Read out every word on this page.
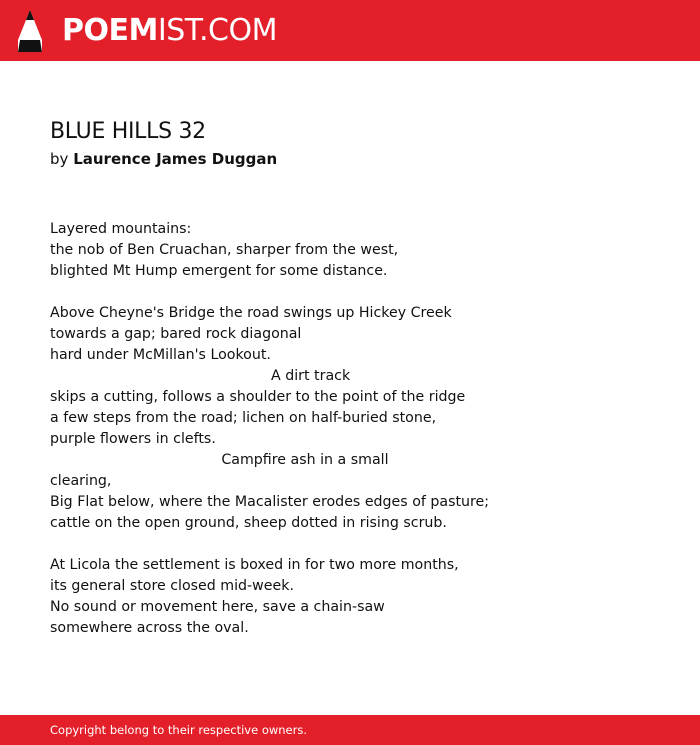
POEMIST.COM
BLUE HILLS 32
by Laurence James Duggan
Layered mountains:
the nob of Ben Cruachan, sharper from the west,
blighted Mt Hump emergent for some distance.
Above Cheyne's Bridge the road swings up Hickey Creek
towards a gap; bared rock diagonal
hard under McMillan's Lookout.
A dirt track
skips a cutting, follows a shoulder to the point of the ridge
a few steps from the road; lichen on half-buried stone,
purple flowers in clefts.
Campfire ash in a small
clearing,
Big Flat below, where the Macalister erodes edges of pasture;
cattle on the open ground, sheep dotted in rising scrub.
At Licola the settlement is boxed in for two more months,
its general store closed mid-week.
No sound or movement here, save a chain-saw
somewhere across the oval.
Copyright belong to their respective owners.
